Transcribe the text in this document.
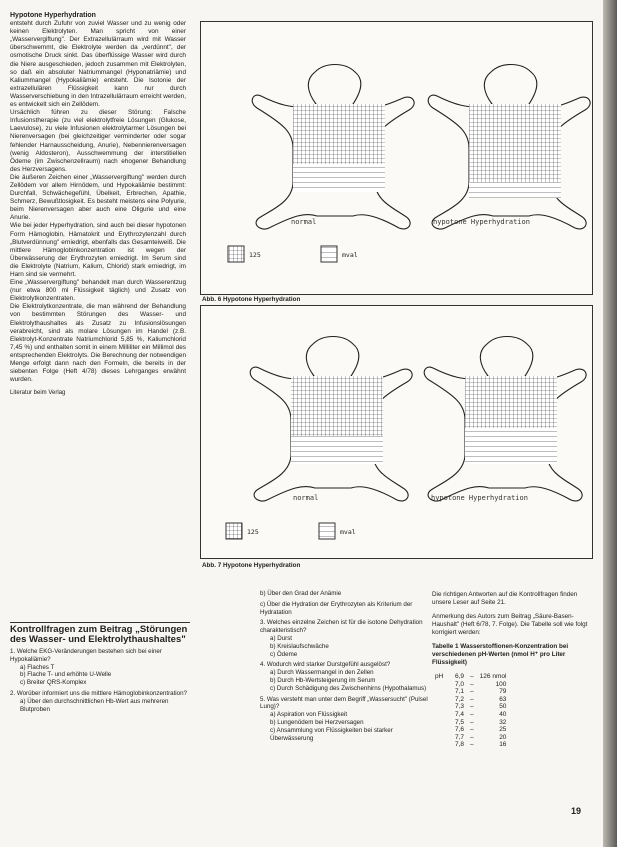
Hypotone Hyperhydration

entsteht durch Zufuhr von zuviel Wasser und zu wenig oder keinen Elektrolyten. Man spricht von einer „Wasservergiftung". Der Extrazellulärraum wird mit Wasser überschwemmt, die Elektrolyte werden da „verdünnt", der osmotische Druck sinkt. Das überflüssige Wasser wird durch die Niere ausgeschieden, jedoch zusammen mit Elektrolyten, so daß ein absoluter Natriummangel (Hyponatriämie) und Kaliummangel (Hypokaliämie) entsteht. Die Isotonie der extrazellulären Flüssigkeit kann nur durch Wasserverschiebung in den Intrazellulärraum erreicht werden, es entwickelt sich ein Zellödem.

Ursächlich führen zu dieser Störung: Falsche Infusionstherapie (zu viel elektrolytfreie Lösungen (Glukose, Laevulose), zu viele Infusionen elektrolytarmer Lösungen bei Nierenversagen (bei gleichzeitiger verminderter oder sogar fehlender Harnausscheidung, Anurie), Nebennierenversagen (wenig Aldosteron), Ausschwemmung der interstitiellen Ödeme (im Zwischenzellraum) nach ehogener Behandlung des Herzversagens.

Die äußeren Zeichen einer „Wasservergiftung" werden durch Zellödem vor allem Hirnödem, und Hypokaliämie bestimmt: Durchfall, Schwächegefühl, Übelkeit, Erbrechen, Apathie, Schmerz, Bewußtlosigkeit. Es besteht meistens eine Polyurie, beim Nierenversagen aber auch eine Oligurie und eine Anurie.

Wie bei jeder Hyperhydration, sind auch bei dieser hypotonen Form Hämoglobin, Hämatokrit und Erythrozytenzahl durch „Blutverdünnung" erniedrigt, ebenfalls das Gesamteiweiß. Die mittlere Hämoglobinkonzentration ist wegen der Überwässerung der Erythrozyten erniedrigt. Im Serum sind die Elektrolyte (Natrium, Kalium, Chlorid) stark erniedrigt, im Harn sind sie vermehrt.

Eine „Wasservergiftung" behandelt man durch Wasserentzug (nur etwa 800 ml Flüssigkeit täglich) und Zusatz von Elektrolytkonzentraten.

Die Elektrolytkonzentrate, die man während der Behandlung von bestimmten Störungen des Wasser- und Elektrolythaushaltes als Zusatz zu Infusionslösungen verabreicht, sind als molare Lösungen im Handel (z.B. Elektrolyt-Konzentrate Natriumchlorid 5,85 %, Kaliumchlorid 7,45 %) und enthalten somit in einem Milliliter ein Millimol des entsprechenden Elektrolyts. Die Berechnung der notwendigen Menge erfolgt dann nach den Formeln, die bereits in der siebenten Folge (Heft 4/78) dieses Lehrganges erwähnt wurden.

Literatur beim Verlag

Kontrollfragen zum Beitrag „Störungen des Wasser- und Elektrolythaushaltes"
1. Welche EKG-Veränderungen bestehen sich bei einer Hypokaliämie?
a) Flaches T
b) Flache T- und erhöhte U-Welle
c) Breiter QRS-Komplex
2. Worüber informiert uns die mittlere Hämoglobinkonzentration?
a) Über den durchschnittlichen Hb-Wert aus mehreren Blutproben
normal	hypotone Hyperhydration
125	mval
Abb. 6 Hypotone Hyperhydration
normal	hypotone Hyperhydration
125	mval
Abb. 7 Hypotone Hyperhydration
b) Über den Grad der Anämie
c) Über die Hydration der Erythrozyten als Kriterium der Hydratation
3. Welches einzelne Zeichen ist für die isotone Dehydration charakteristisch?
a) Durst
b) Kreislaufschwäche
c) Ödeme
4. Wodurch wird starker Durstgefühl ausgelöst?
a) Durch Wassermangel in den Zellen
b) Durch Hb-Wertsteigerung im Serum
c) Durch Schädigung des Zwischenhirns (Hypothalamus)
5. Was versteht man unter dem Begriff „Wassersucht" (Pulsel Lung)?
a) Aspiration von Flüssigkeit
b) Lungenödem bei Herzversagen
c) Ansammlung von Flüssigkeiten bei starker Überwässerung

Die richtigen Antworten auf die Kontrollfragen finden unsere Leser auf Seite 21.

Anmerkung des Autors zum Beitrag „Säure-Basen-Haushalt" (Heft 6/78, 7. Folge). Die Tabelle soll wie folgt korrigiert werden:

Tabelle 1 Wasserstoffionen-Konzentration bei verschiedenen pH-Werten (nmol H⁺ pro Liter Flüssigkeit)

pH	6,9	–	126 nmol
	7,0	–	100
	7,1	–	79
	7,2	–	63
	7,3	–	50
	7,4	–	40
	7,5	–	32
	7,6	–	25
	7,7	–	20
	7,8	–	16
19
